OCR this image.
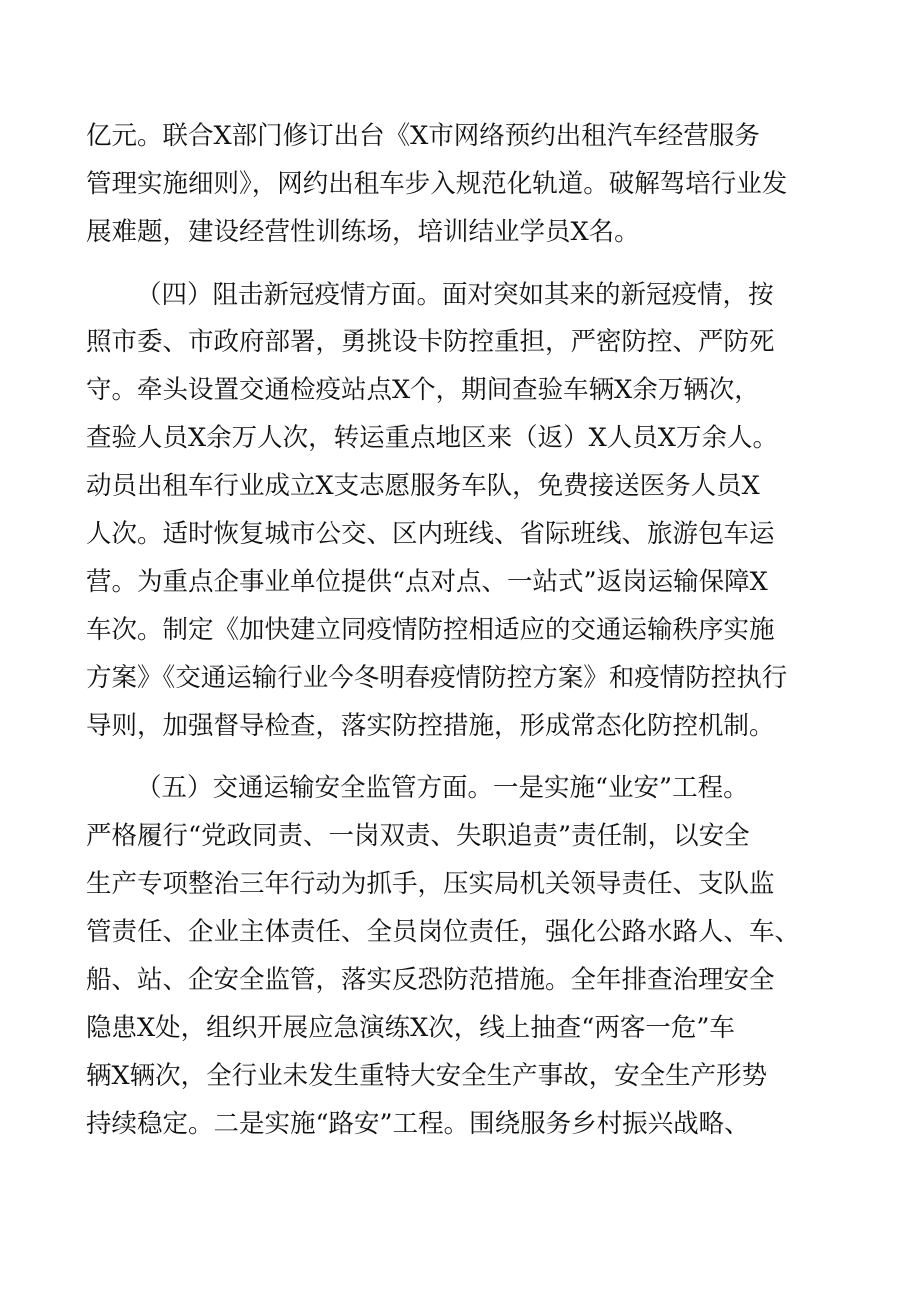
亿元。联合X部门修订出台《X市网络预约出租汽车经营服务
管理实施细则》，网约出租车步入规范化轨道。破解驾培行业发
展难题，建设经营性训练场，培训结业学员X名。
（四）阻击新冠疫情方面。面对突如其来的新冠疫情，按
照市委、市政府部署，勇挑设卡防控重担，严密防控、严防死
守。牵头设置交通检疫站点X个，期间查验车辆X余万辆次，
查验人员X余万人次，转运重点地区来（返）X人员X万余人。
动员出租车行业成立X支志愿服务车队，免费接送医务人员X
人次。适时恢复城市公交、区内班线、省际班线、旅游包车运
营。为重点企事业单位提供“点对点、一站式”返岗运输保障X
车次。制定《加快建立同疫情防控相适应的交通运输秩序实施
方案》《交通运输行业今冬明春疫情防控方案》和疫情防控执行
导则，加强督导检查，落实防控措施，形成常态化防控机制。
（五）交通运输安全监管方面。一是实施“业安”工程。
严格履行“党政同责、一岗双责、失职追责”责任制，以安全
生产专项整治三年行动为抓手，压实局机关领导责任、支队监
管责任、企业主体责任、全员岗位责任，强化公路水路人、车、
船、站、企安全监管，落实反恐防范措施。全年排查治理安全
隐患X处，组织开展应急演练X次，线上抽查“两客一危”车
辆X辆次，全行业未发生重特大安全生产事故，安全生产形势
持续稳定。二是实施“路安”工程。围绕服务乡村振兴战略、
